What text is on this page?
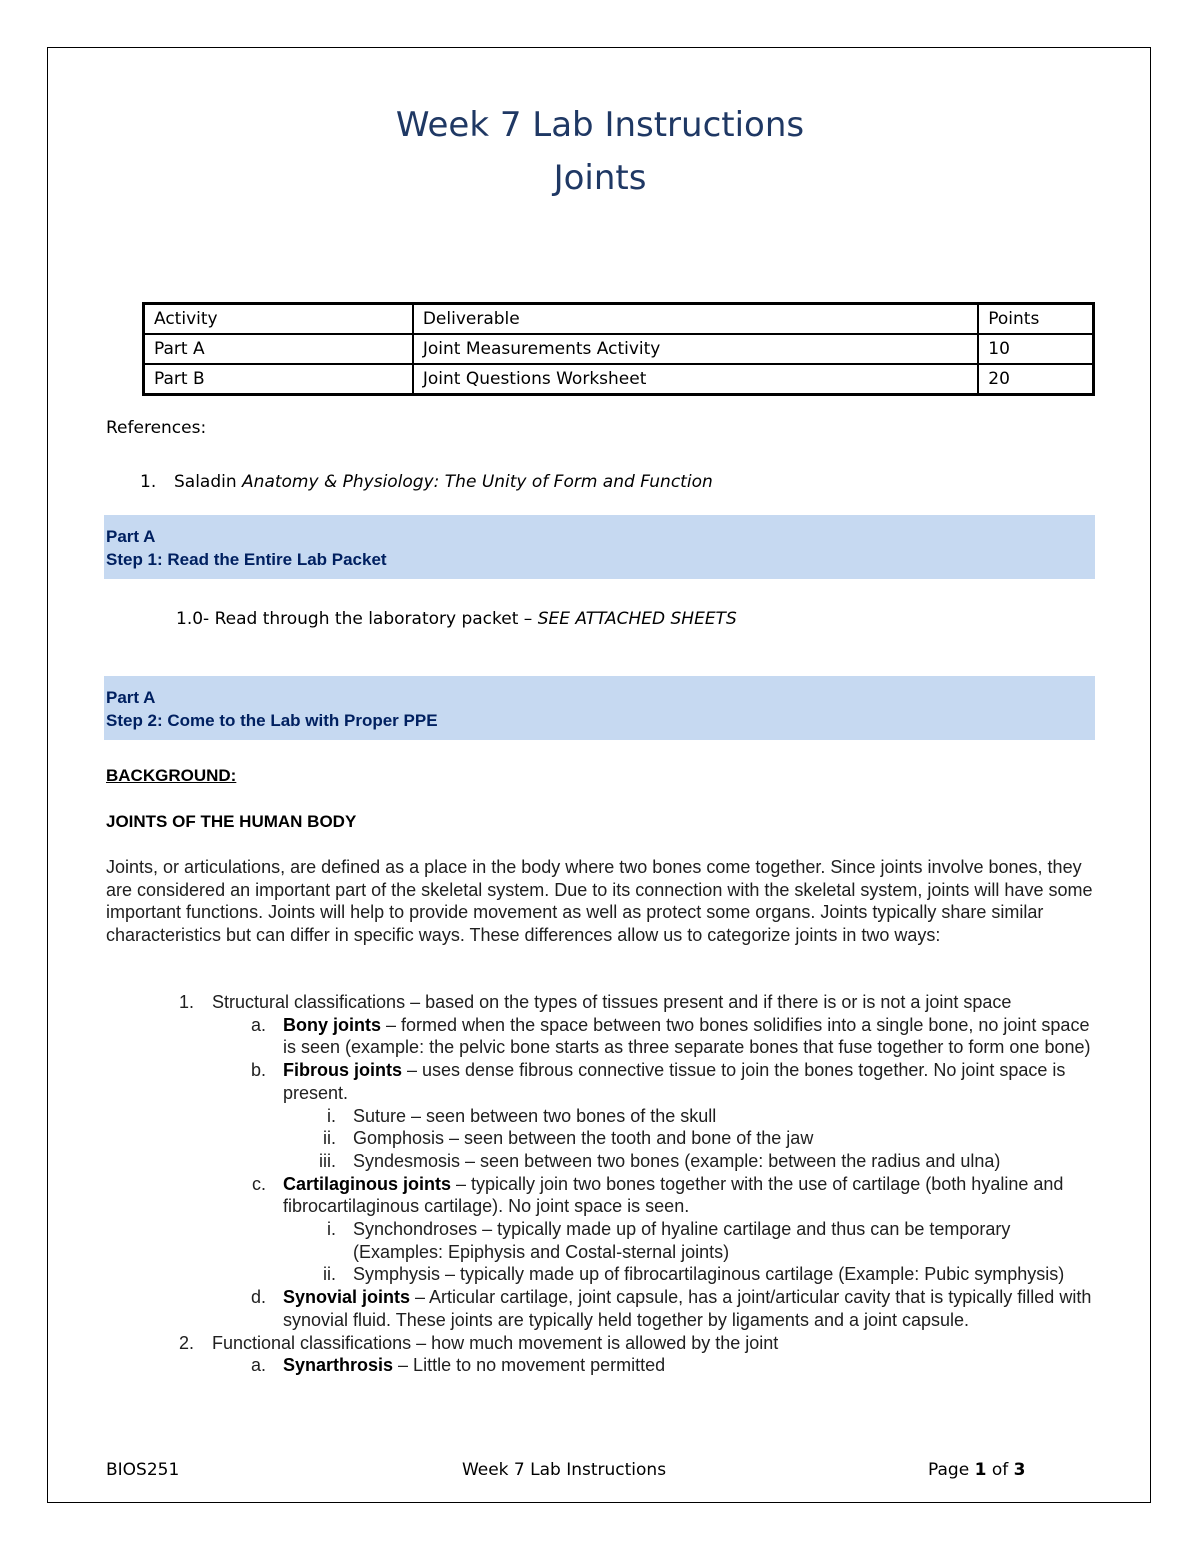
Week 7 Lab Instructions
Joints
Activity	Deliverable	Points
Part A	Joint Measurements Activity	10
Part B	Joint Questions Worksheet	20
References:
1. Saladin Anatomy & Physiology: The Unity of Form and Function
Part A
Step 1: Read the Entire Lab Packet
1.0- Read through the laboratory packet – SEE ATTACHED SHEETS
Part A
Step 2: Come to the Lab with Proper PPE
BACKGROUND:
JOINTS OF THE HUMAN BODY
Joints, or articulations, are defined as a place in the body where two bones come together. Since joints involve bones, they are considered an important part of the skeletal system. Due to its connection with the skeletal system, joints will have some important functions. Joints will help to provide movement as well as protect some organs. Joints typically share similar characteristics but can differ in specific ways. These differences allow us to categorize joints in two ways:
1. Structural classifications – based on the types of tissues present and if there is or is not a joint space
a. Bony joints – formed when the space between two bones solidifies into a single bone, no joint space is seen (example: the pelvic bone starts as three separate bones that fuse together to form one bone)
b. Fibrous joints – uses dense fibrous connective tissue to join the bones together. No joint space is present.
i. Suture – seen between two bones of the skull
ii. Gomphosis – seen between the tooth and bone of the jaw
iii. Syndesmosis – seen between two bones (example: between the radius and ulna)
c. Cartilaginous joints – typically join two bones together with the use of cartilage (both hyaline and fibrocartilaginous cartilage). No joint space is seen.
i. Synchondroses – typically made up of hyaline cartilage and thus can be temporary (Examples: Epiphysis and Costal-sternal joints)
ii. Symphysis – typically made up of fibrocartilaginous cartilage (Example: Pubic symphysis)
d. Synovial joints – Articular cartilage, joint capsule, has a joint/articular cavity that is typically filled with synovial fluid. These joints are typically held together by ligaments and a joint capsule.
2. Functional classifications – how much movement is allowed by the joint
a. Synarthrosis – Little to no movement permitted
BIOS251	Week 7 Lab Instructions	Page 1 of 3
